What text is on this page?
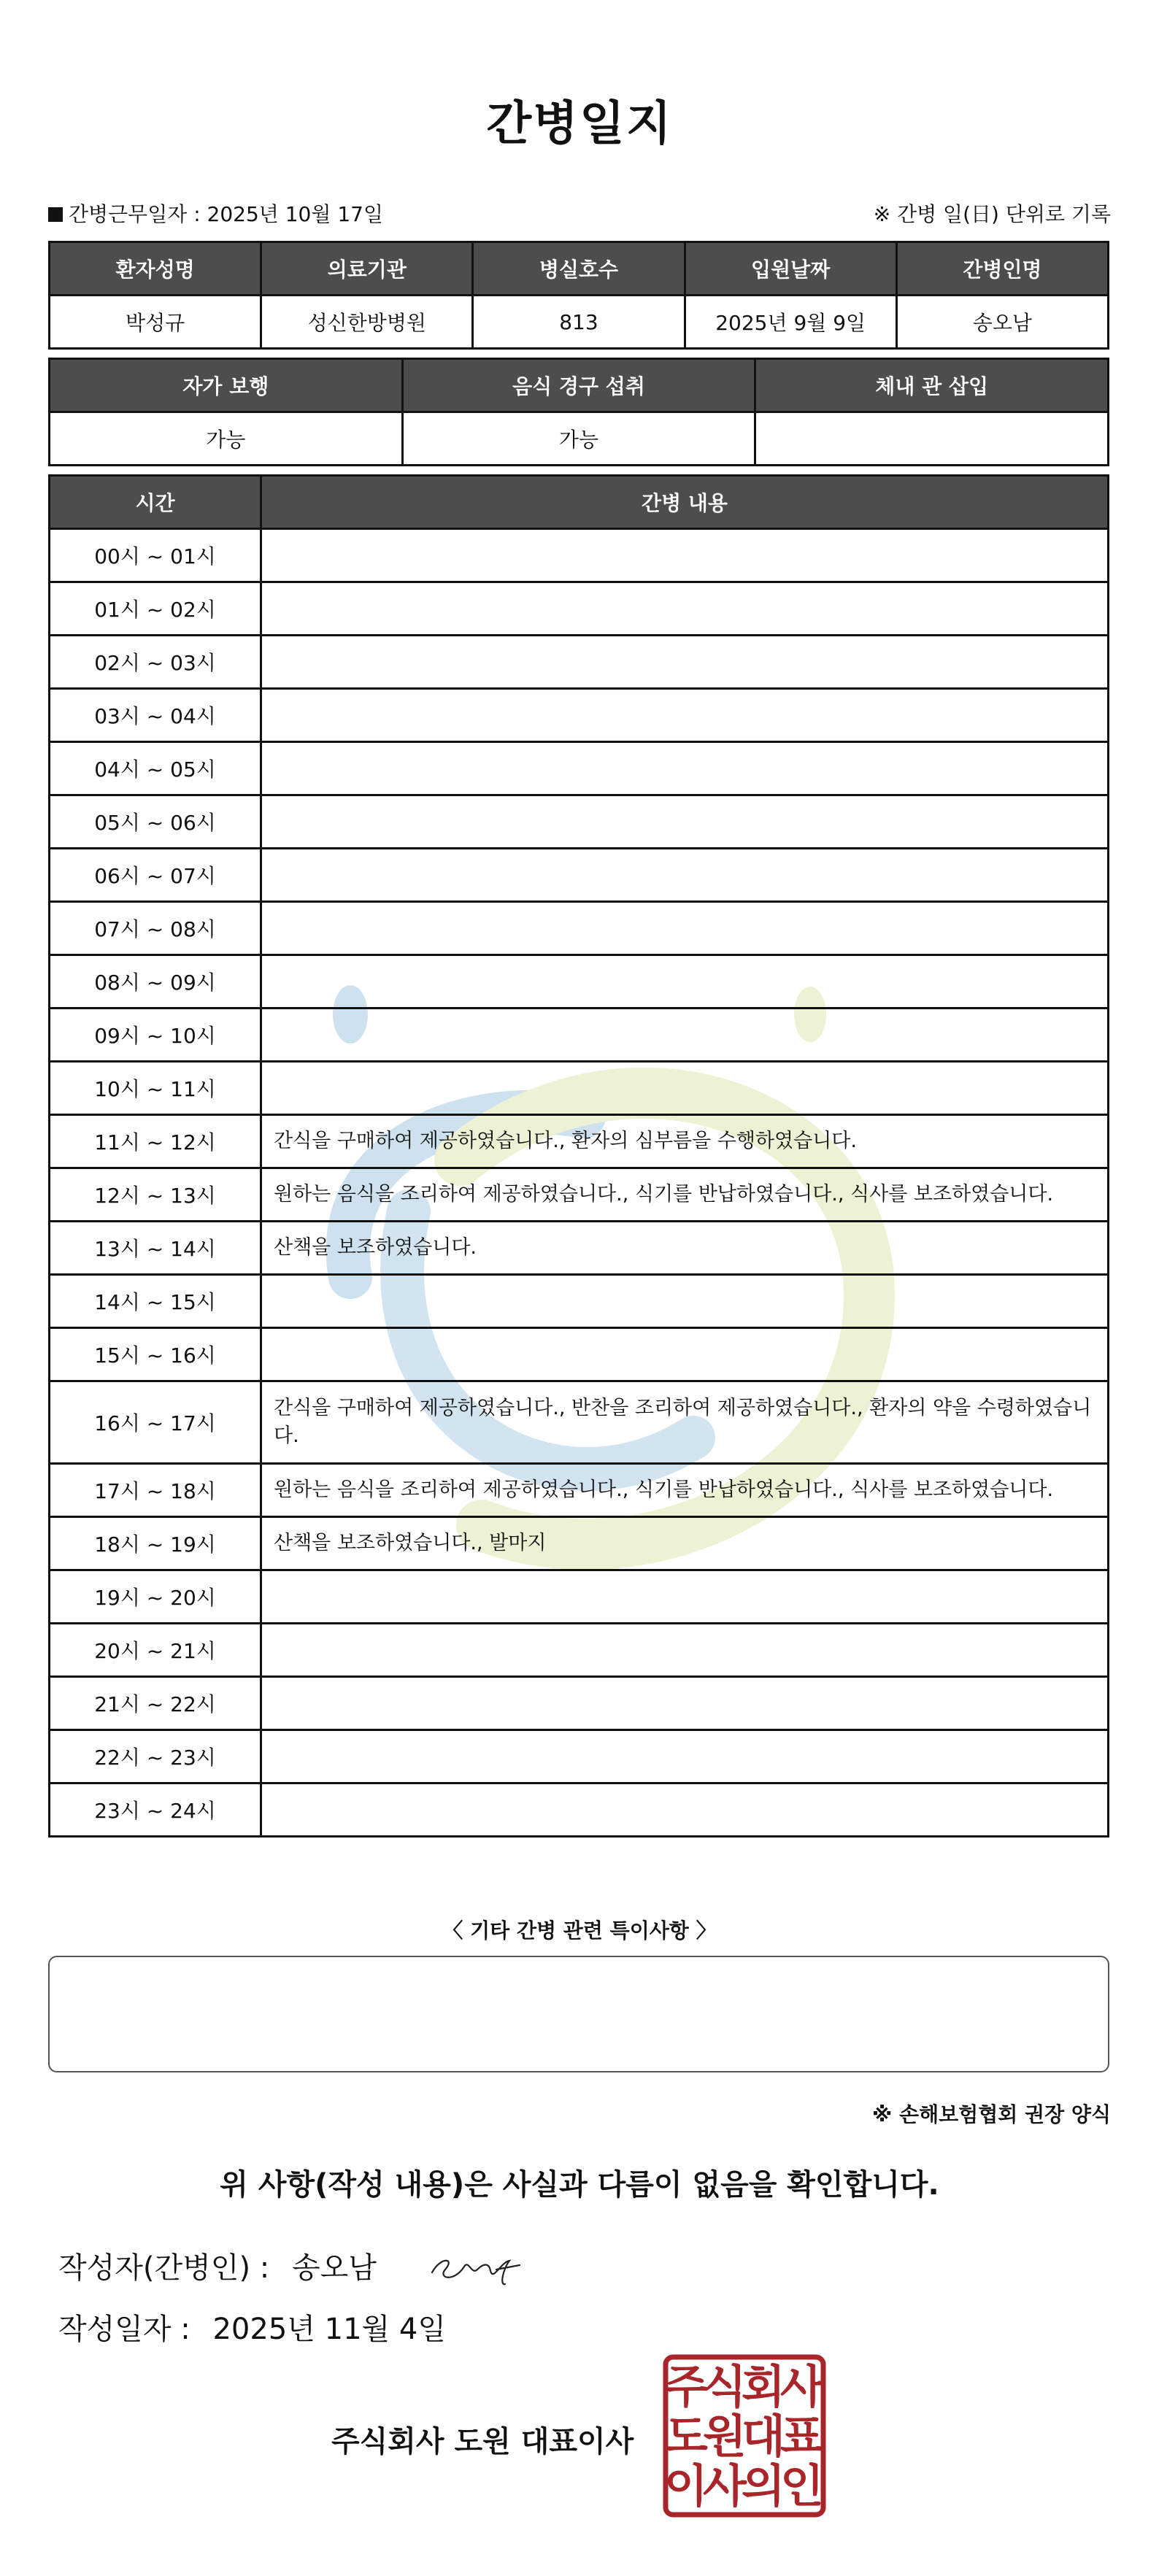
간병일지
간병근무일자 : 2025년 10월 17일	※ 간병 일(日) 단위로 기록
환자성명	의료기관	병실호수	입원날짜	간병인명
박성규	성신한방병원	813	2025년 9월 9일	송오남
자가 보행	음식 경구 섭취	체내 관 삽입
가능	가능	
시간	간병 내용
00시 ~ 01시	
01시 ~ 02시	
02시 ~ 03시	
03시 ~ 04시	
04시 ~ 05시	
05시 ~ 06시	
06시 ~ 07시	
07시 ~ 08시	
08시 ~ 09시	
09시 ~ 10시	
10시 ~ 11시	
11시 ~ 12시	간식을 구매하여 제공하였습니다., 환자의 심부름을 수행하였습니다.
12시 ~ 13시	원하는 음식을 조리하여 제공하였습니다., 식기를 반납하였습니다., 식사를 보조하였습니다.
13시 ~ 14시	산책을 보조하였습니다.
14시 ~ 15시	
15시 ~ 16시	
16시 ~ 17시	간식을 구매하여 제공하였습니다., 반찬을 조리하여 제공하였습니다., 환자의 약을 수령하였습니다.
17시 ~ 18시	원하는 음식을 조리하여 제공하였습니다., 식기를 반납하였습니다., 식사를 보조하였습니다.
18시 ~ 19시	산책을 보조하였습니다., 발마지
19시 ~ 20시	
20시 ~ 21시	
21시 ~ 22시	
22시 ~ 23시	
23시 ~ 24시	
〈 기타 간병 관련 특이사항 〉
※ 손해보험협회 권장 양식
위 사항(작성 내용)은 사실과 다름이 없음을 확인합니다.
작성자(간병인) : 송오남
작성일자 : 2025년 11월 4일
주식회사 도원 대표이사
주
식
회
사
도
원
대
표
이
사
의
인
